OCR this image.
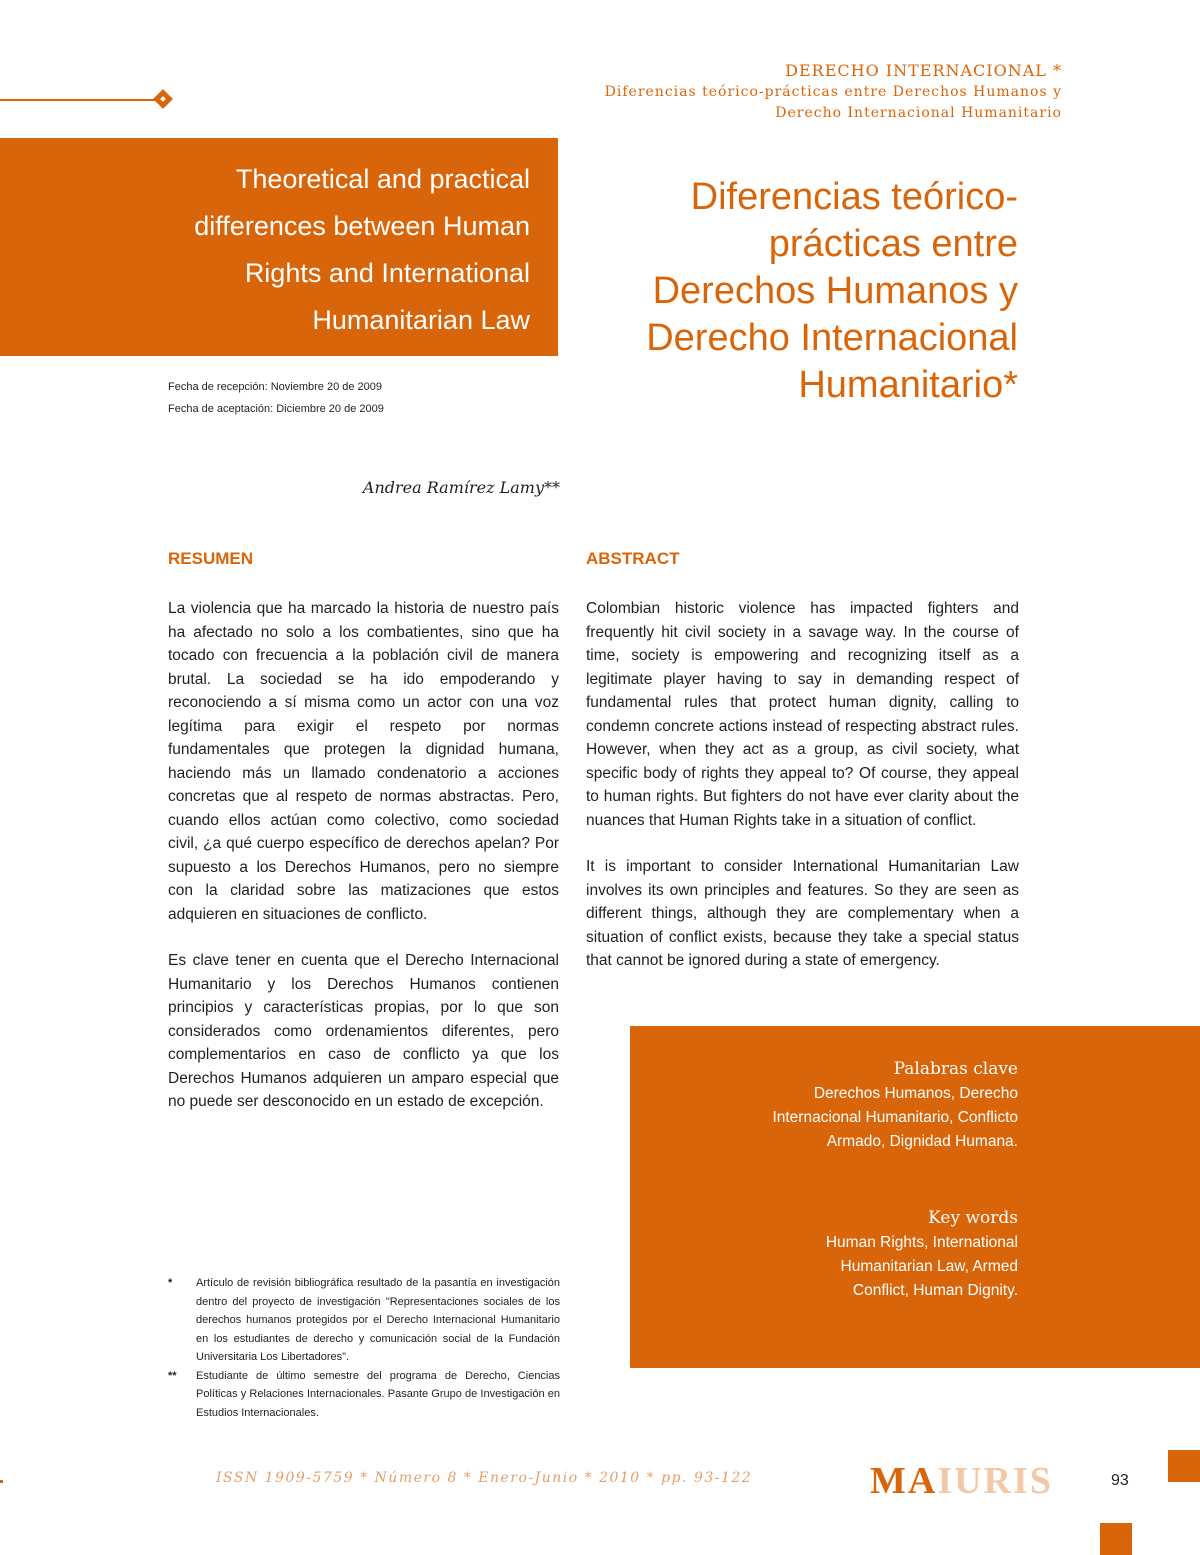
DERECHO INTERNACIONAL *
Diferencias teórico-prácticas entre Derechos Humanos y
Derecho Internacional Humanitario
Theoretical and practical
differences between Human
Rights and International
Humanitarian Law
Diferencias teórico-
prácticas entre
Derechos Humanos y
Derecho Internacional
Humanitario*
Fecha de recepción: Noviembre 20 de 2009
Fecha de aceptación: Diciembre 20 de 2009
Andrea Ramírez Lamy**
RESUMEN	ABSTRACT

La violencia que ha marcado la historia de nuestro país ha afectado no solo a los combatientes, sino que ha tocado con frecuencia a la población civil de manera brutal. La sociedad se ha ido empoderando y reconociendo a sí misma como un actor con una voz legítima para exigir el respeto por normas fundamentales que protegen la dignidad humana, haciendo más un llamado condenatorio a acciones concretas que al respeto de normas abstractas. Pero, cuando ellos actúan como colectivo, como sociedad civil, ¿a qué cuerpo específico de derechos apelan? Por supuesto a los Derechos Humanos, pero no siempre con la claridad sobre las matizaciones que estos adquieren en situaciones de conflicto.

Es clave tener en cuenta que el Derecho Internacional Humanitario y los Derechos Humanos contienen principios y características propias, por lo que son considerados como ordenamientos diferentes, pero complementarios en caso de conflicto ya que los Derechos Humanos adquieren un amparo especial que no puede ser desconocido en un estado de excepción.

Colombian historic violence has impacted fighters and frequently hit civil society in a savage way. In the course of time, society is empowering and recognizing itself as a legitimate player having to say in demanding respect of fundamental rules that protect human dignity, calling to condemn concrete actions instead of respecting abstract rules. However, when they act as a group, as civil society, what specific body of rights they appeal to? Of course, they appeal to human rights. But fighters do not have ever clarity about the nuances that Human Rights take in a situation of conflict.

It is important to consider International Humanitarian Law involves its own principles and features. So they are seen as different things, although they are complementary when a situation of conflict exists, because they take a special status that cannot be ignored during a state of emergency.

Palabras clave
Derechos Humanos, Derecho
Internacional Humanitario, Conflicto
Armado, Dignidad Humana.
Key words
Human Rights, International
Humanitarian Law, Armed
Conflict, Human Dignity.
* Artículo de revisión bibliográfica resultado de la pasantía en investigación dentro del proyecto de investigación "Representaciones sociales de los derechos humanos protegidos por el Derecho Internacional Humanitario en los estudiantes de derecho y comunicación social de la Fundación Universitaria Los Libertadores".
** Estudiante de último semestre del programa de Derecho, Ciencias Políticas y Relaciones Internacionales. Pasante Grupo de Investigación en Estudios Internacionales.
ISSN 1909-5759 * Número 8 * Enero-Junio * 2010 * pp. 93-122	MAIURIS	93
